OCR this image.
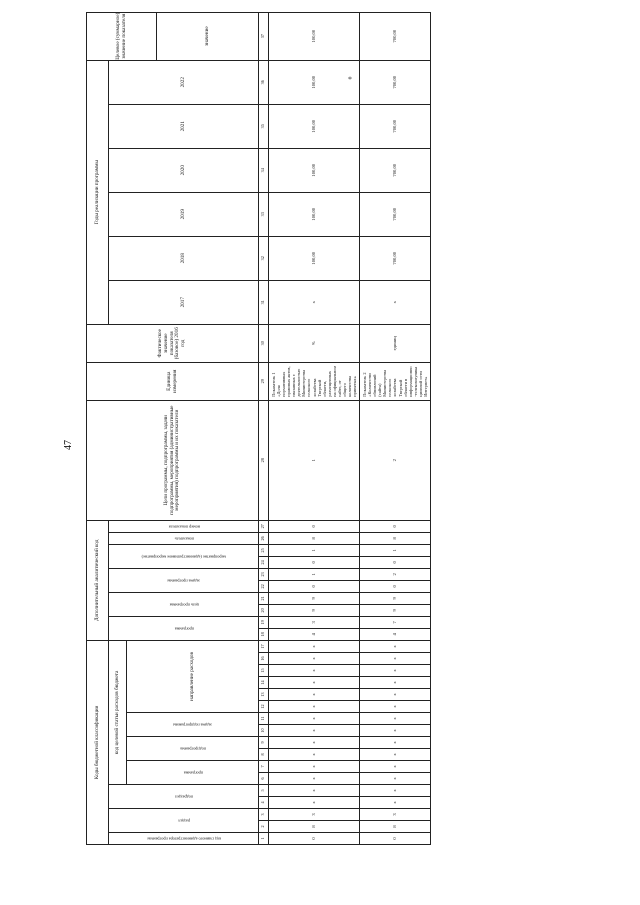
47
*
Коды бюджетной классификации																	Дополнительный аналитический код										Цели программы, подпрограммы, задачи подпрограммы, мероприятия (административные мероприятия) подпрограммы и их показатели	Единица измерения	Фактическое значение показателя (базовое) 2016 год	Годы реализации программы						Целевое (суммарное) значение показателя	
код главного администратора программы	раздел		подраздел		код целевой статьи расходов бюджета												программа		цель программы		задача программы		мероприятие (административное мероприятие)		показатель	номер показателя				2017	2018	2019	2020	2021	2022		
					программа		подпрограмма		задача подпрограммы		направление расходов																										
																																				значение	
1	2	3	4	5	6	7	8	9	10	11	12	13	14	15	16	17	18	19	20	21	22	23	24	25	26	27	28	29	30	31	32	33	34	35	36	37	
0	8	3	х	х	х	х	х	х	х	х	х	х	х	х	х	х	4	3	9	9	0	1	0	1	8	0	1	Показатель 1 «Доля нормативных правовых актов, связанных с деятельностью Министерства сельского хозяйства Тверской области, размещенных на официальном сайте, от общего количества принятых»	%	х	100,00	100,00	100,00	100,00	100,00	100,00	
0	8	3	х	х	х	х	х	х	х	х	х	х	х	х	х	х	4	7	9	9	0	2	0	1	8	0	2	Показатель 2 «Количество обновлений (сайта) Министерства сельского хозяйства Тверской области в информационно-телекоммуникационной сети Интернет»	единиц	х	700,00	700,00	700,00	700,00	700,00	700,00	
